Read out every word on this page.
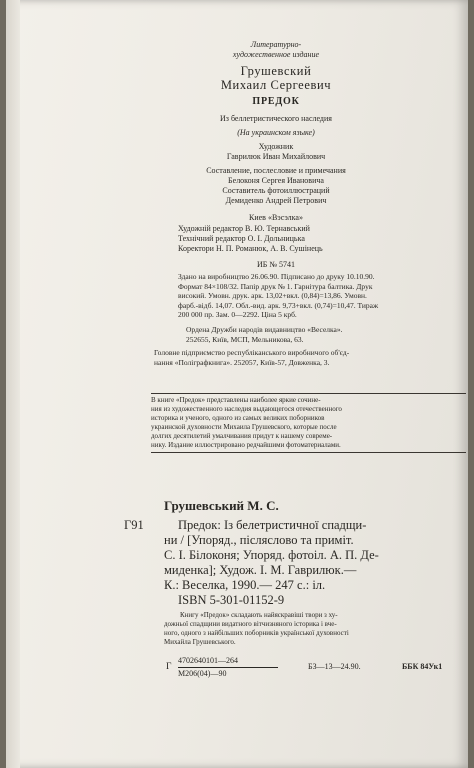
Литературно-
художественное издание
Грушевский
Михаил Сергеевич
ПРЕДОК
Из беллетристического наследия
(На украинском языке)
Художник
Гаврилюк Иван Михайлович
Составление, послесловие и примечания
Белоконя Сергея Ивановича
Составитель фотоиллюстраций
Демиденко Андрей Петрович
Киев «Вэсэлка»
Художній редактор В. Ю. Тернавський
Технічний редактор О. І. Дольницька
Коректори Н. П. Романюк, А. В. Сушінець
ИБ № 5741
Здано на виробництво 26.06.90. Підписано до друку 10.10.90.
Формат 84×108/32. Папір друк № 1. Гарнітура балтика. Друк
високий. Умовн. друк. арк. 13,02+вкл. (0,84)=13,86. Умовн.
фарб.-відб. 14,07. Обл.-вид. арк. 9,73+вкл. (0,74)=10,47. Тираж
200 000 пр. Зам. 0—2292. Ціна 5 крб.
Ордена Дружби народів видавництво «Веселка».
252655, Київ, МСП, Мельникова, 63.
Головне підприємство республіканського виробничого об'єд-
нання «Поліграфкнига». 252057, Київ-57, Довженка, 3.
В книге «Предок» представлены наиболее яркие сочине-
ния из художественного наследия выдающегося отечественного
историка и ученого, одного из самых великих поборников
украинской духовности Михаила Грушевского, которые после
долгих десятилетий умалчивания придут к нашему совреме-
нику. Издание иллюстрировано редчайшими фотоматериалами.
Грушевський М. С.
Г91	Предок: Із белетристичної спадщи-
ни / [Упоряд., післяслово та приміт.
С. І. Білоконя; Упоряд. фотоіл. А. П. Де-
миденка]; Худож. І. М. Гаврилюк.—
К.: Веселка, 1990.— 247 с.: іл.
ISBN 5-301-01152-9
Книгу «Предок» складають найяскравіші твори з ху-
дожньої спадщини видатного вітчизняного історика і вче-
ного, одного з найбільших поборників української духовності
Михайла Грушевського.
Г
4702640101—264
М206(04)—90
БЗ—13—24.90.	ББК 84Ук1
